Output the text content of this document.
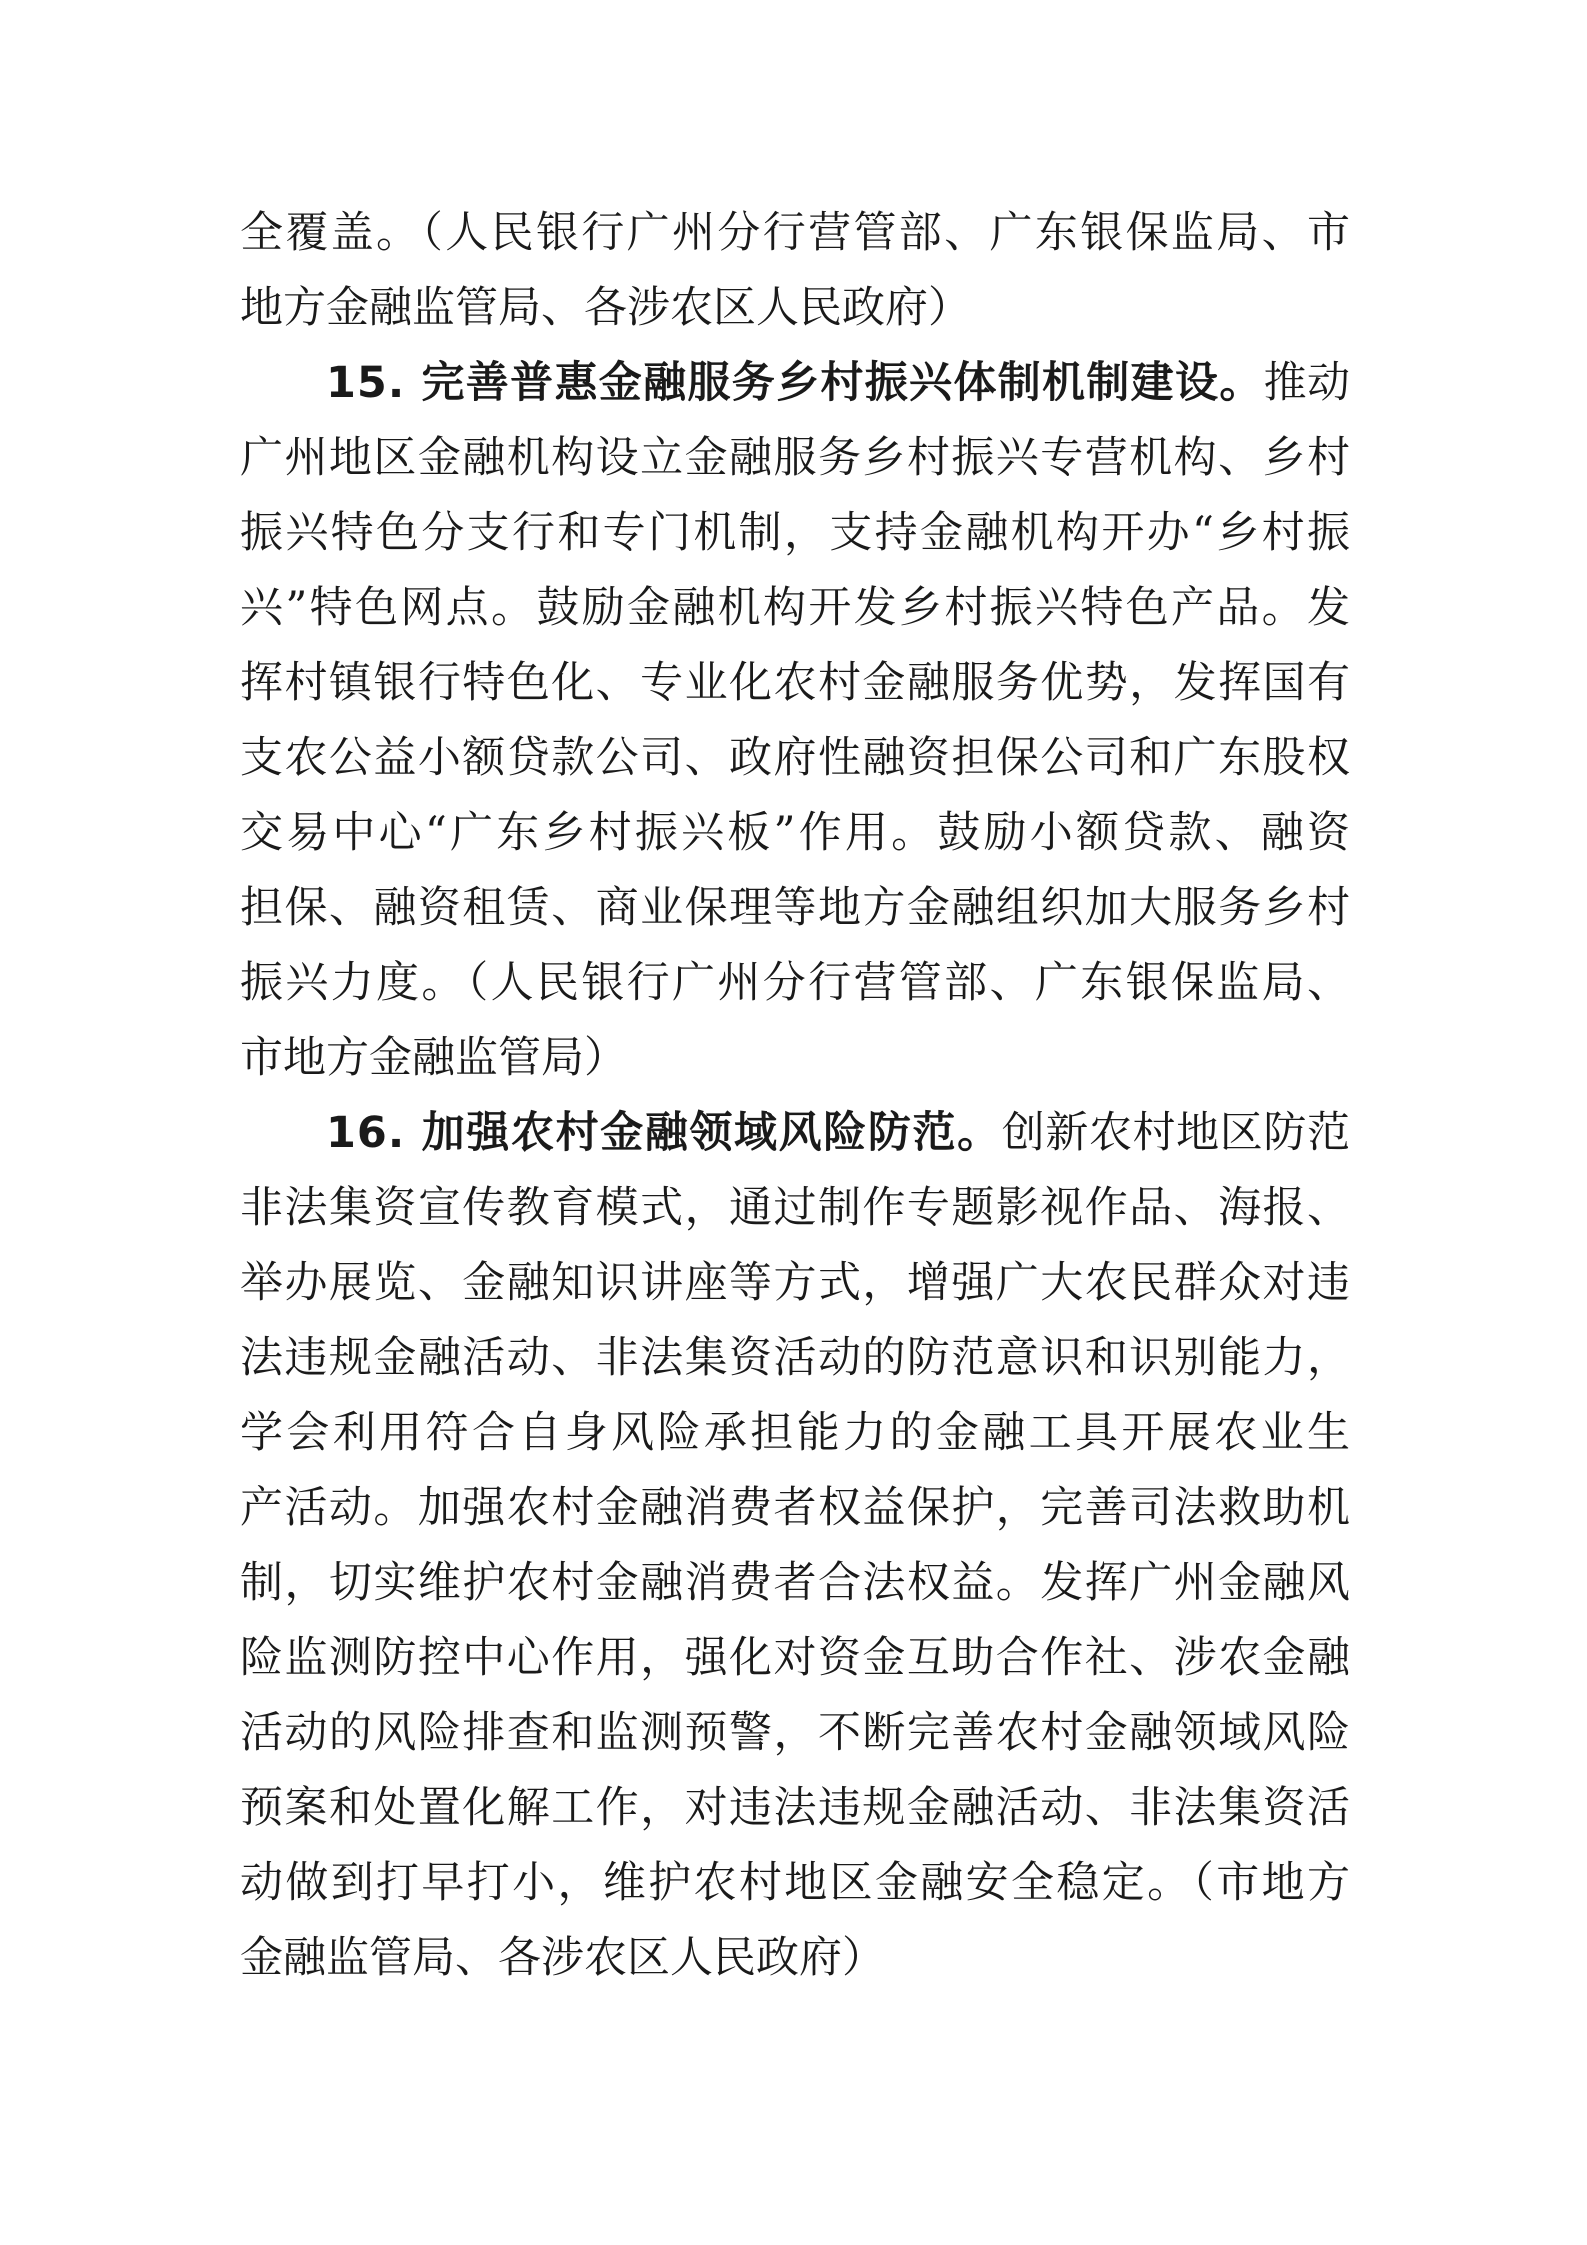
全覆盖。（人民银行广州分行营管部、广东银保监局、市
地方金融监管局、各涉农区人民政府）
15. 完善普惠金融服务乡村振兴体制机制建设。推动
广州地区金融机构设立金融服务乡村振兴专营机构、乡村
振兴特色分支行和专门机制，支持金融机构开办“乡村振
兴”特色网点。鼓励金融机构开发乡村振兴特色产品。发
挥村镇银行特色化、专业化农村金融服务优势，发挥国有
支农公益小额贷款公司、政府性融资担保公司和广东股权
交易中心“广东乡村振兴板”作用。鼓励小额贷款、融资
担保、融资租赁、商业保理等地方金融组织加大服务乡村
振兴力度。（人民银行广州分行营管部、广东银保监局、
市地方金融监管局）
16. 加强农村金融领域风险防范。创新农村地区防范
非法集资宣传教育模式，通过制作专题影视作品、海报、
举办展览、金融知识讲座等方式，增强广大农民群众对违
法违规金融活动、非法集资活动的防范意识和识别能力，
学会利用符合自身风险承担能力的金融工具开展农业生
产活动。加强农村金融消费者权益保护，完善司法救助机
制，切实维护农村金融消费者合法权益。发挥广州金融风
险监测防控中心作用，强化对资金互助合作社、涉农金融
活动的风险排查和监测预警，不断完善农村金融领域风险
预案和处置化解工作，对违法违规金融活动、非法集资活
动做到打早打小，维护农村地区金融安全稳定。（市地方
金融监管局、各涉农区人民政府）
